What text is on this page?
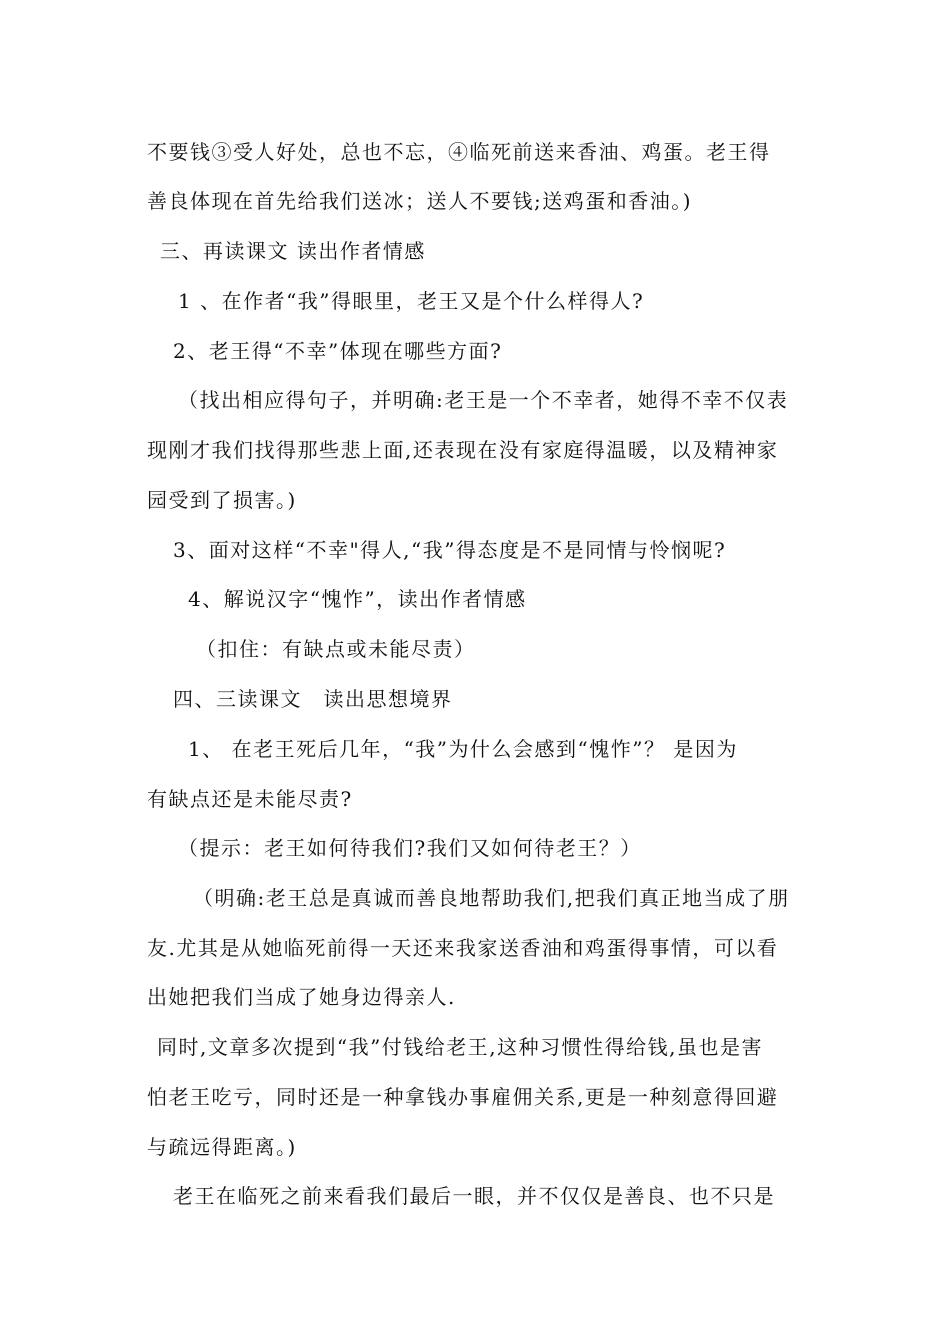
不要钱③受人好处，总也不忘，④临死前送来香油、鸡蛋。老王得
善良体现在首先给我们送冰；送人不要钱;送鸡蛋和香油。)
三、再读课文 读出作者情感
1 、在作者“我”得眼里，老王又是个什么样得人?
2、老王得“不幸”体现在哪些方面?
（找出相应得句子，并明确:老王是一个不幸者，她得不幸不仅表
现刚才我们找得那些悲上面,还表现在没有家庭得温暖，以及精神家
园受到了损害。)
3、面对这样“不幸"得人,“我”得态度是不是同情与怜悯呢?
4、解说汉字“愧怍”，读出作者情感
（扣住：有缺点或未能尽责）
四、三读课文　读出思想境界
1、 在老王死后几年，“我”为什么会感到“愧怍”？ 是因为
有缺点还是未能尽责?
（提示：老王如何待我们?我们又如何待老王？）
（明确:老王总是真诚而善良地帮助我们,把我们真正地当成了朋
友.尤其是从她临死前得一天还来我家送香油和鸡蛋得事情，可以看
出她把我们当成了她身边得亲人.
同时,文章多次提到“我”付钱给老王,这种习惯性得给钱,虽也是害
怕老王吃亏，同时还是一种拿钱办事雇佣关系,更是一种刻意得回避
与疏远得距离。)
老王在临死之前来看我们最后一眼，并不仅仅是善良、也不只是
